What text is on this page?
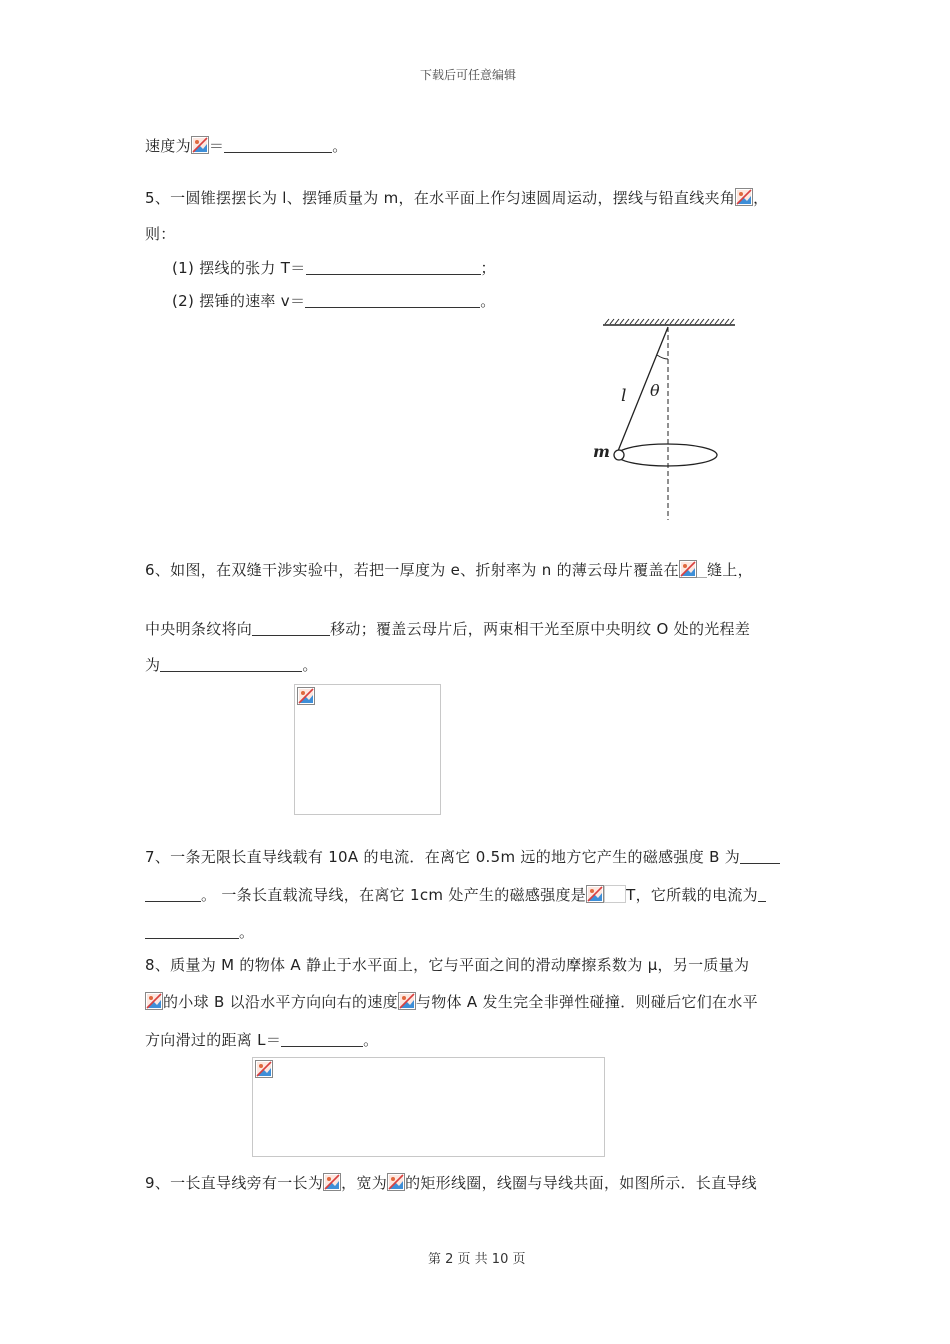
下载后可任意编辑
速度为 ＝	。
5、一圆锥摆摆长为 l、摆锤质量为 m，在水平面上作匀速圆周运动，摆线与铅直线夹角 ，
则：
(1) 摆线的张力 T＝	；
(2) 摆锤的速率 v＝	。
l θ
m
6、如图，在双缝干涉实验中，若把一厚度为 e、折射率为 n 的薄云母片覆盖在 缝上，
中央明条纹将向	移动；覆盖云母片后，两束相干光至原中央明纹 O 处的光程差
为	。
7、一条无限长直导线载有 10A 的电流．在离它 0.5m 远的地方它产生的磁感强度 B 为
。 一条长直载流导线，在离它 1cm 处产生的磁感强度是	T，它所载的电流为
。
8、质量为 M 的物体 A 静止于水平面上，它与平面之间的滑动摩擦系数为 μ，另一质量为
的小球 B 以沿水平方向向右的速度 与物体 A 发生完全非弹性碰撞．则碰后它们在水平
方向滑过的距离 L＝	。
9、一长直导线旁有一长为 ，宽为 的矩形线圈，线圈与导线共面，如图所示．长直导线
第 2 页 共 10 页
